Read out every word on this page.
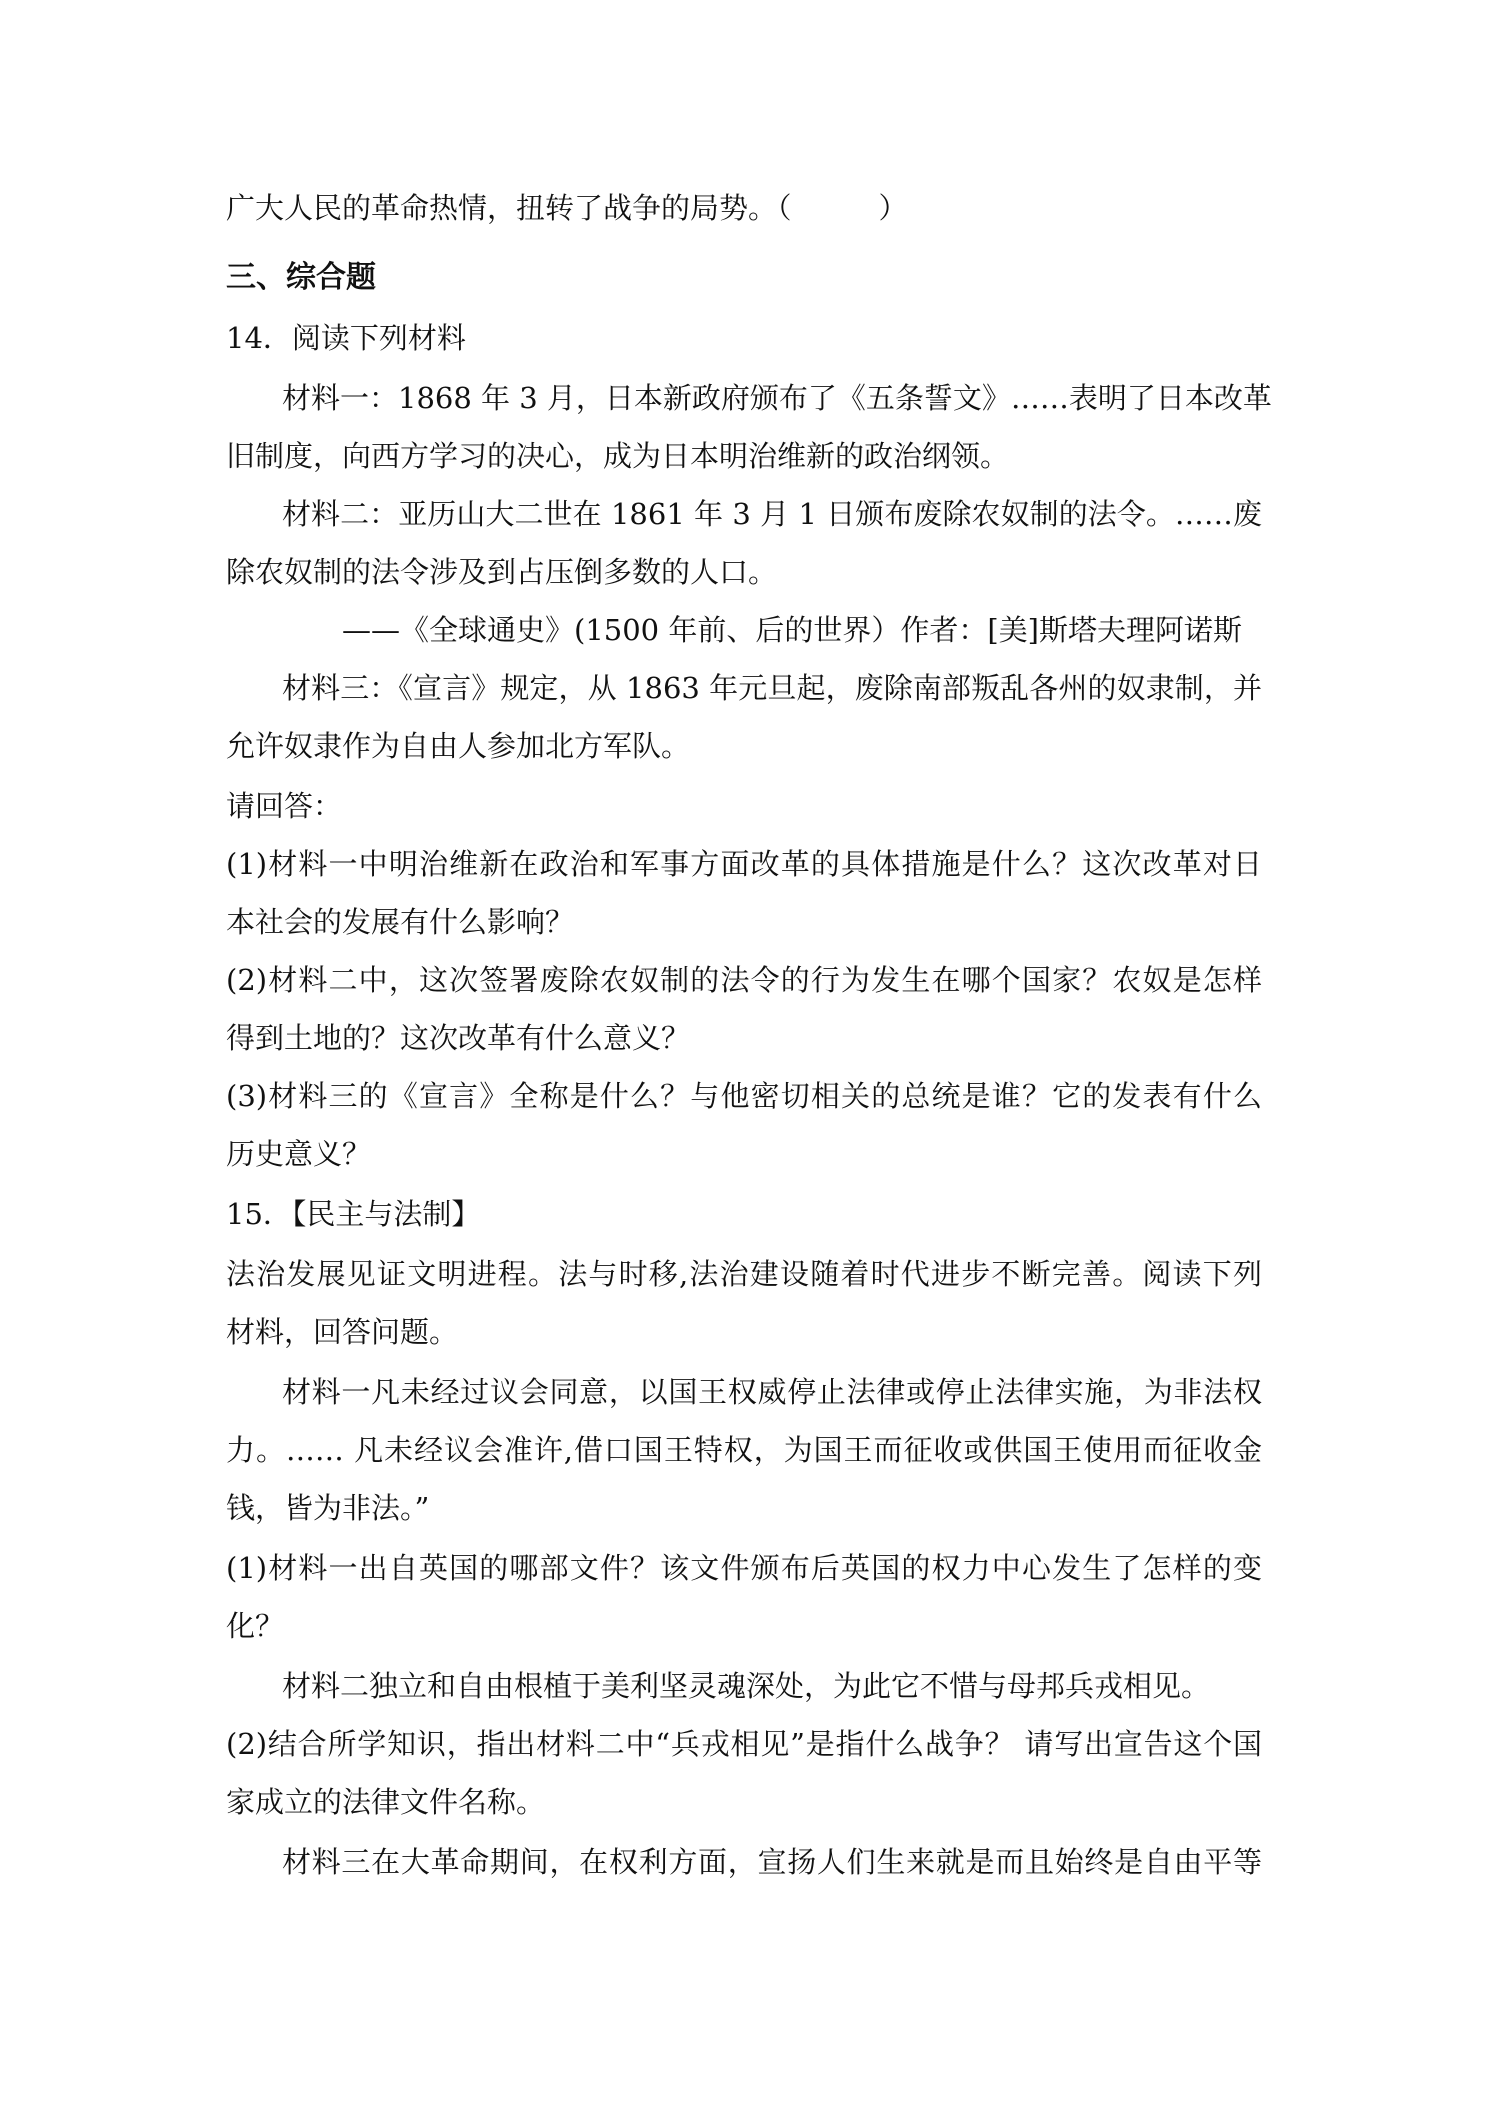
广大人民的革命热情，扭转了战争的局势。（　　　）
三、综合题
14．阅读下列材料
材料一：1868 年 3 月，日本新政府颁布了《五条誓文》……表明了日本改革
旧制度，向西方学习的决心，成为日本明治维新的政治纲领。
材料二：亚历山大二世在 1861 年 3 月 1 日颁布废除农奴制的法令。……废
除农奴制的法令涉及到占压倒多数的人口。
——《全球通史》(1500 年前、后的世界）作者：[美]斯塔夫理阿诺斯
材料三：《宣言》规定，从 1863 年元旦起，废除南部叛乱各州的奴隶制，并
允许奴隶作为自由人参加北方军队。
请回答：
(1)材料一中明治维新在政治和军事方面改革的具体措施是什么？这次改革对日
本社会的发展有什么影响？
(2)材料二中，这次签署废除农奴制的法令的行为发生在哪个国家？农奴是怎样
得到土地的？这次改革有什么意义？
(3)材料三的《宣言》全称是什么？与他密切相关的总统是谁？它的发表有什么
历史意义？
15．【民主与法制】
法治发展见证文明进程。法与时移,法治建设随着时代进步不断完善。阅读下列
材料，回答问题。
材料一凡未经过议会同意，以国王权威停止法律或停止法律实施，为非法权
力。…… 凡未经议会准许,借口国王特权，为国王而征收或供国王使用而征收金
钱，皆为非法。”
(1)材料一出自英国的哪部文件？该文件颁布后英国的权力中心发生了怎样的变
化？
材料二独立和自由根植于美利坚灵魂深处，为此它不惜与母邦兵戎相见。
(2)结合所学知识，指出材料二中“兵戎相见”是指什么战争？ 请写出宣告这个国
家成立的法律文件名称。
材料三在大革命期间，在权利方面，宣扬人们生来就是而且始终是自由平等
